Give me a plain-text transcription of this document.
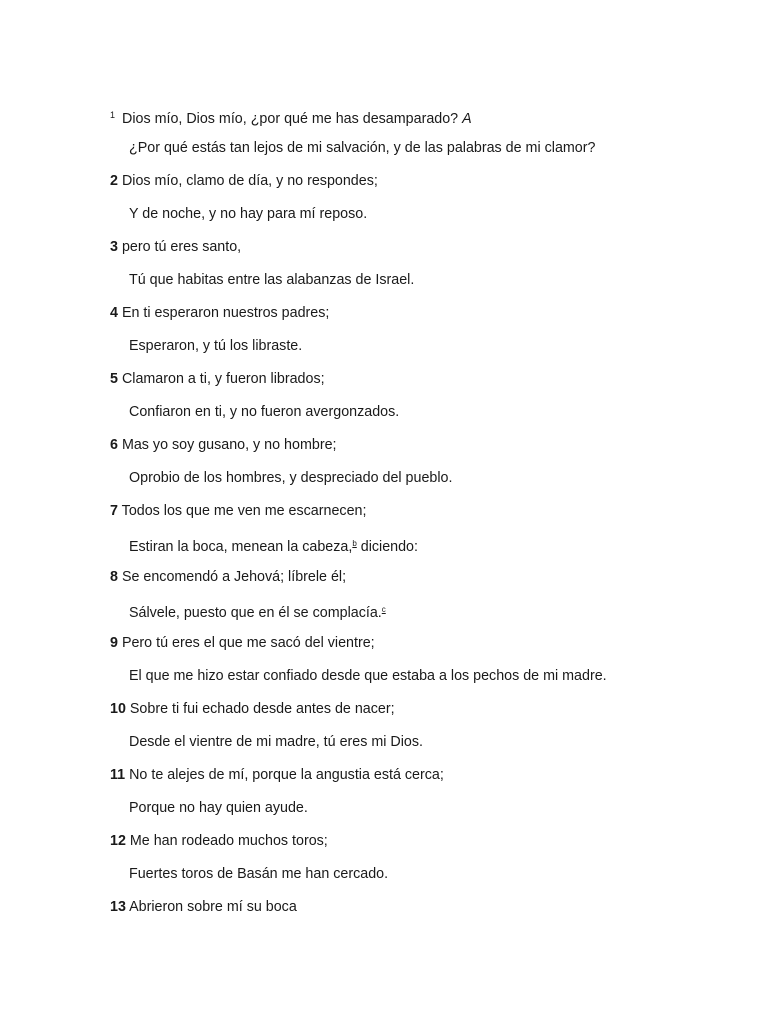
$^1$ Dios mío, Dios mío, ¿por qué me has desamparado? A
¿Por qué estás tan lejos de mi salvación, y de las palabras de mi clamor?
2 Dios mío, clamo de día, y no respondes;
Y de noche, y no hay para mí reposo.
3 pero tú eres santo,
Tú que habitas entre las alabanzas de Israel.
4 En ti esperaron nuestros padres;
Esperaron, y tú los libraste.
5 Clamaron a ti, y fueron librados;
Confiaron en ti, y no fueron avergonzados.
6 Mas yo soy gusano, y no hombre;
Oprobio de los hombres, y despreciado del pueblo.
7 Todos los que me ven me escarnecen;
Estiran la boca, menean la cabeza,$^b$ diciendo:
8 Se encomendó a Jehová; líbrele él;
Sálvele, puesto que en él se complacía.$^c$
9 Pero tú eres el que me sacó del vientre;
El que me hizo estar confiado desde que estaba a los pechos de mi madre.
10 Sobre ti fui echado desde antes de nacer;
Desde el vientre de mi madre, tú eres mi Dios.
11 No te alejes de mí, porque la angustia está cerca;
Porque no hay quien ayude.
12 Me han rodeado muchos toros;
Fuertes toros de Basán me han cercado.
13 Abrieron sobre mí su boca
